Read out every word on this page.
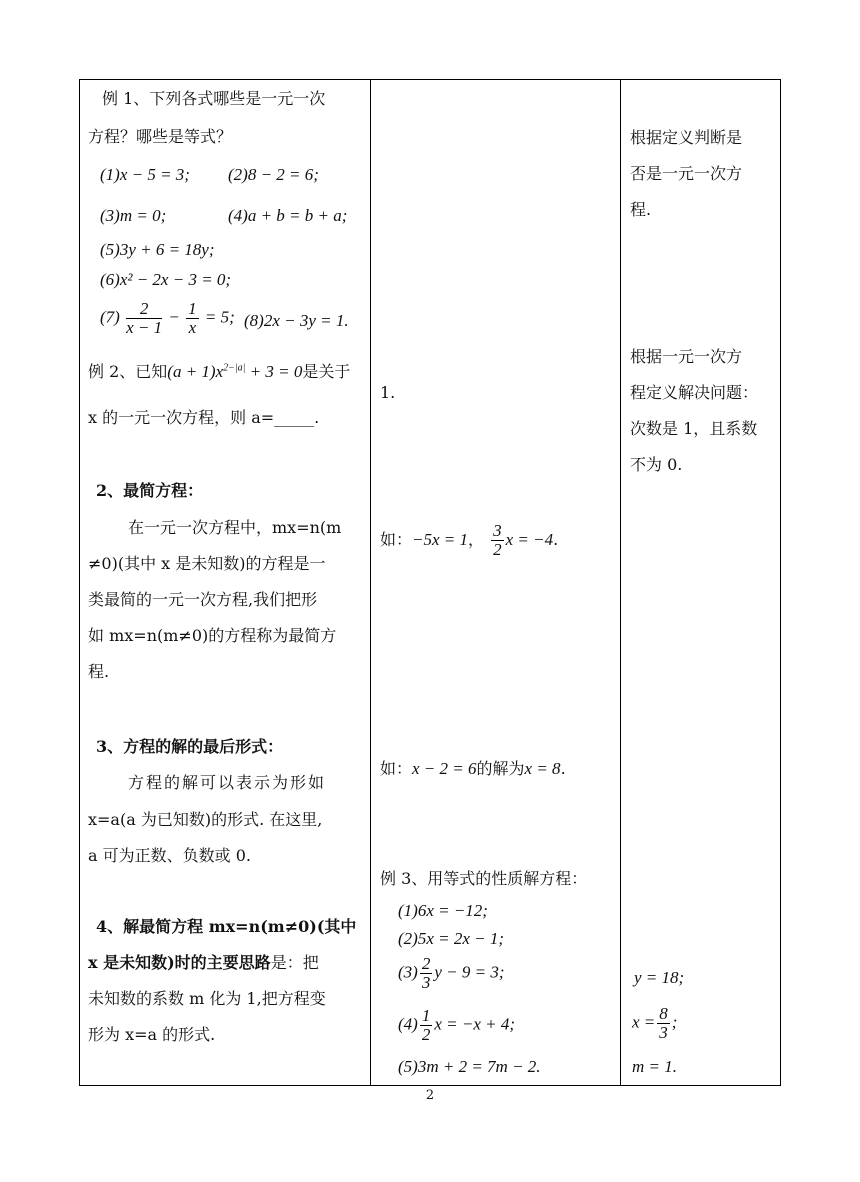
例 1、下列各式哪些是一元一次
方程？哪些是等式？
(1)x − 5 = 3; (2)8 − 2 = 6;
(3)m = 0;	(4)a + b = b + a;
(5)3y + 6 = 18y;
(6)x² − 2x − 3 = 0;
$(7) \frac{2}{x - 1} - \frac{1}{x} = 5$; (8)2x − 3y = 1.
例 2、已知$(a + 1)x^{2-|a|} + 3 = 0$是关于
x 的一元一次方程，则 a=_____.
2、最简方程：
在一元一次方程中，mx=n(m
≠0)(其中 x 是未知数)的方程是一
类最简的一元一次方程,我们把形
如 mx=n(m≠0)的方程称为最简方
程.
3、方程的解的最后形式：
方程的解可以表示为形如
x=a(a 为已知数)的形式. 在这里,
a 可为正数、负数或 0.
4、解最简方程 mx=n(m≠0)(其中
x 是未知数)时的主要思路是：把
未知数的系数 m 化为 1,把方程变
形为 x=a 的形式.
1.
如：−5x = 1， $\frac{3}{2}$ x = −4.
如：x − 2 = 6的解为x = 8.
例 3、用等式的性质解方程：
(1)6x = −12;
(2)5x = 2x − 1;
$(3) \frac{2}{3}$ y − 9 = 3;
$(4) \frac{1}{2}$ x = −x + 4;
(5)3m + 2 = 7m − 2.
根据定义判断是
否是一元一次方
程.
根据一元一次方
程定义解决问题：
次数是 1，且系数
不为 0.
y = 18;
$x = \frac{8}{3}$ ;
m = 1.
2
